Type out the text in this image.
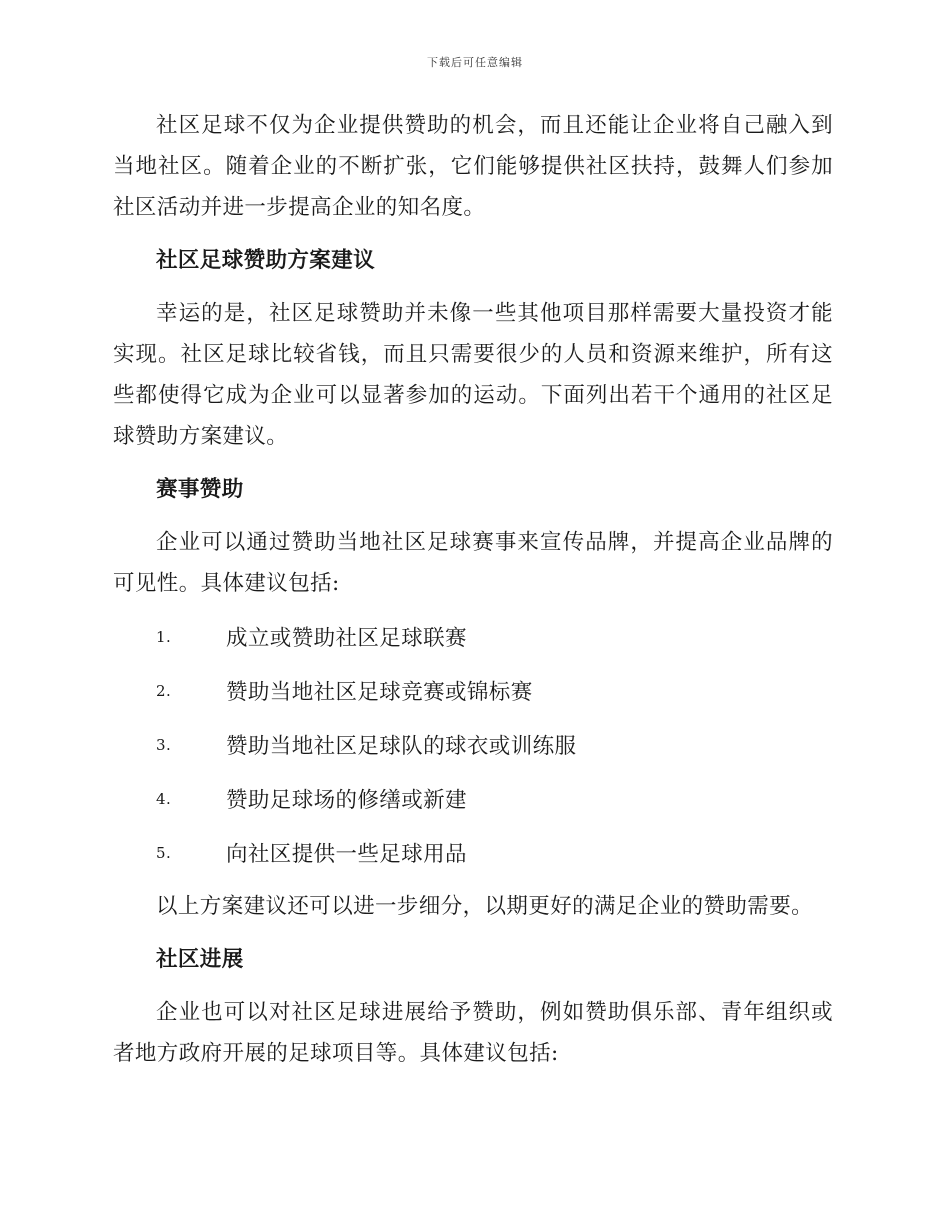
下载后可任意编辑

社区足球不仅为企业提供赞助的机会，而且还能让企业将自己融入到当地社区。随着企业的不断扩张，它们能够提供社区扶持，鼓舞人们参加社区活动并进一步提高企业的知名度。

社区足球赞助方案建议

幸运的是，社区足球赞助并未像一些其他项目那样需要大量投资才能实现。社区足球比较省钱，而且只需要很少的人员和资源来维护，所有这些都使得它成为企业可以显著参加的运动。下面列出若干个通用的社区足球赞助方案建议。

赛事赞助

企业可以通过赞助当地社区足球赛事来宣传品牌，并提高企业品牌的可见性。具体建议包括:

1.	成立或赞助社区足球联赛
2.	赞助当地社区足球竞赛或锦标赛
3.	赞助当地社区足球队的球衣或训练服
4.	赞助足球场的修缮或新建
5.	向社区提供一些足球用品

以上方案建议还可以进一步细分，以期更好的满足企业的赞助需要。

社区进展

企业也可以对社区足球进展给予赞助，例如赞助俱乐部、青年组织或者地方政府开展的足球项目等。具体建议包括:
